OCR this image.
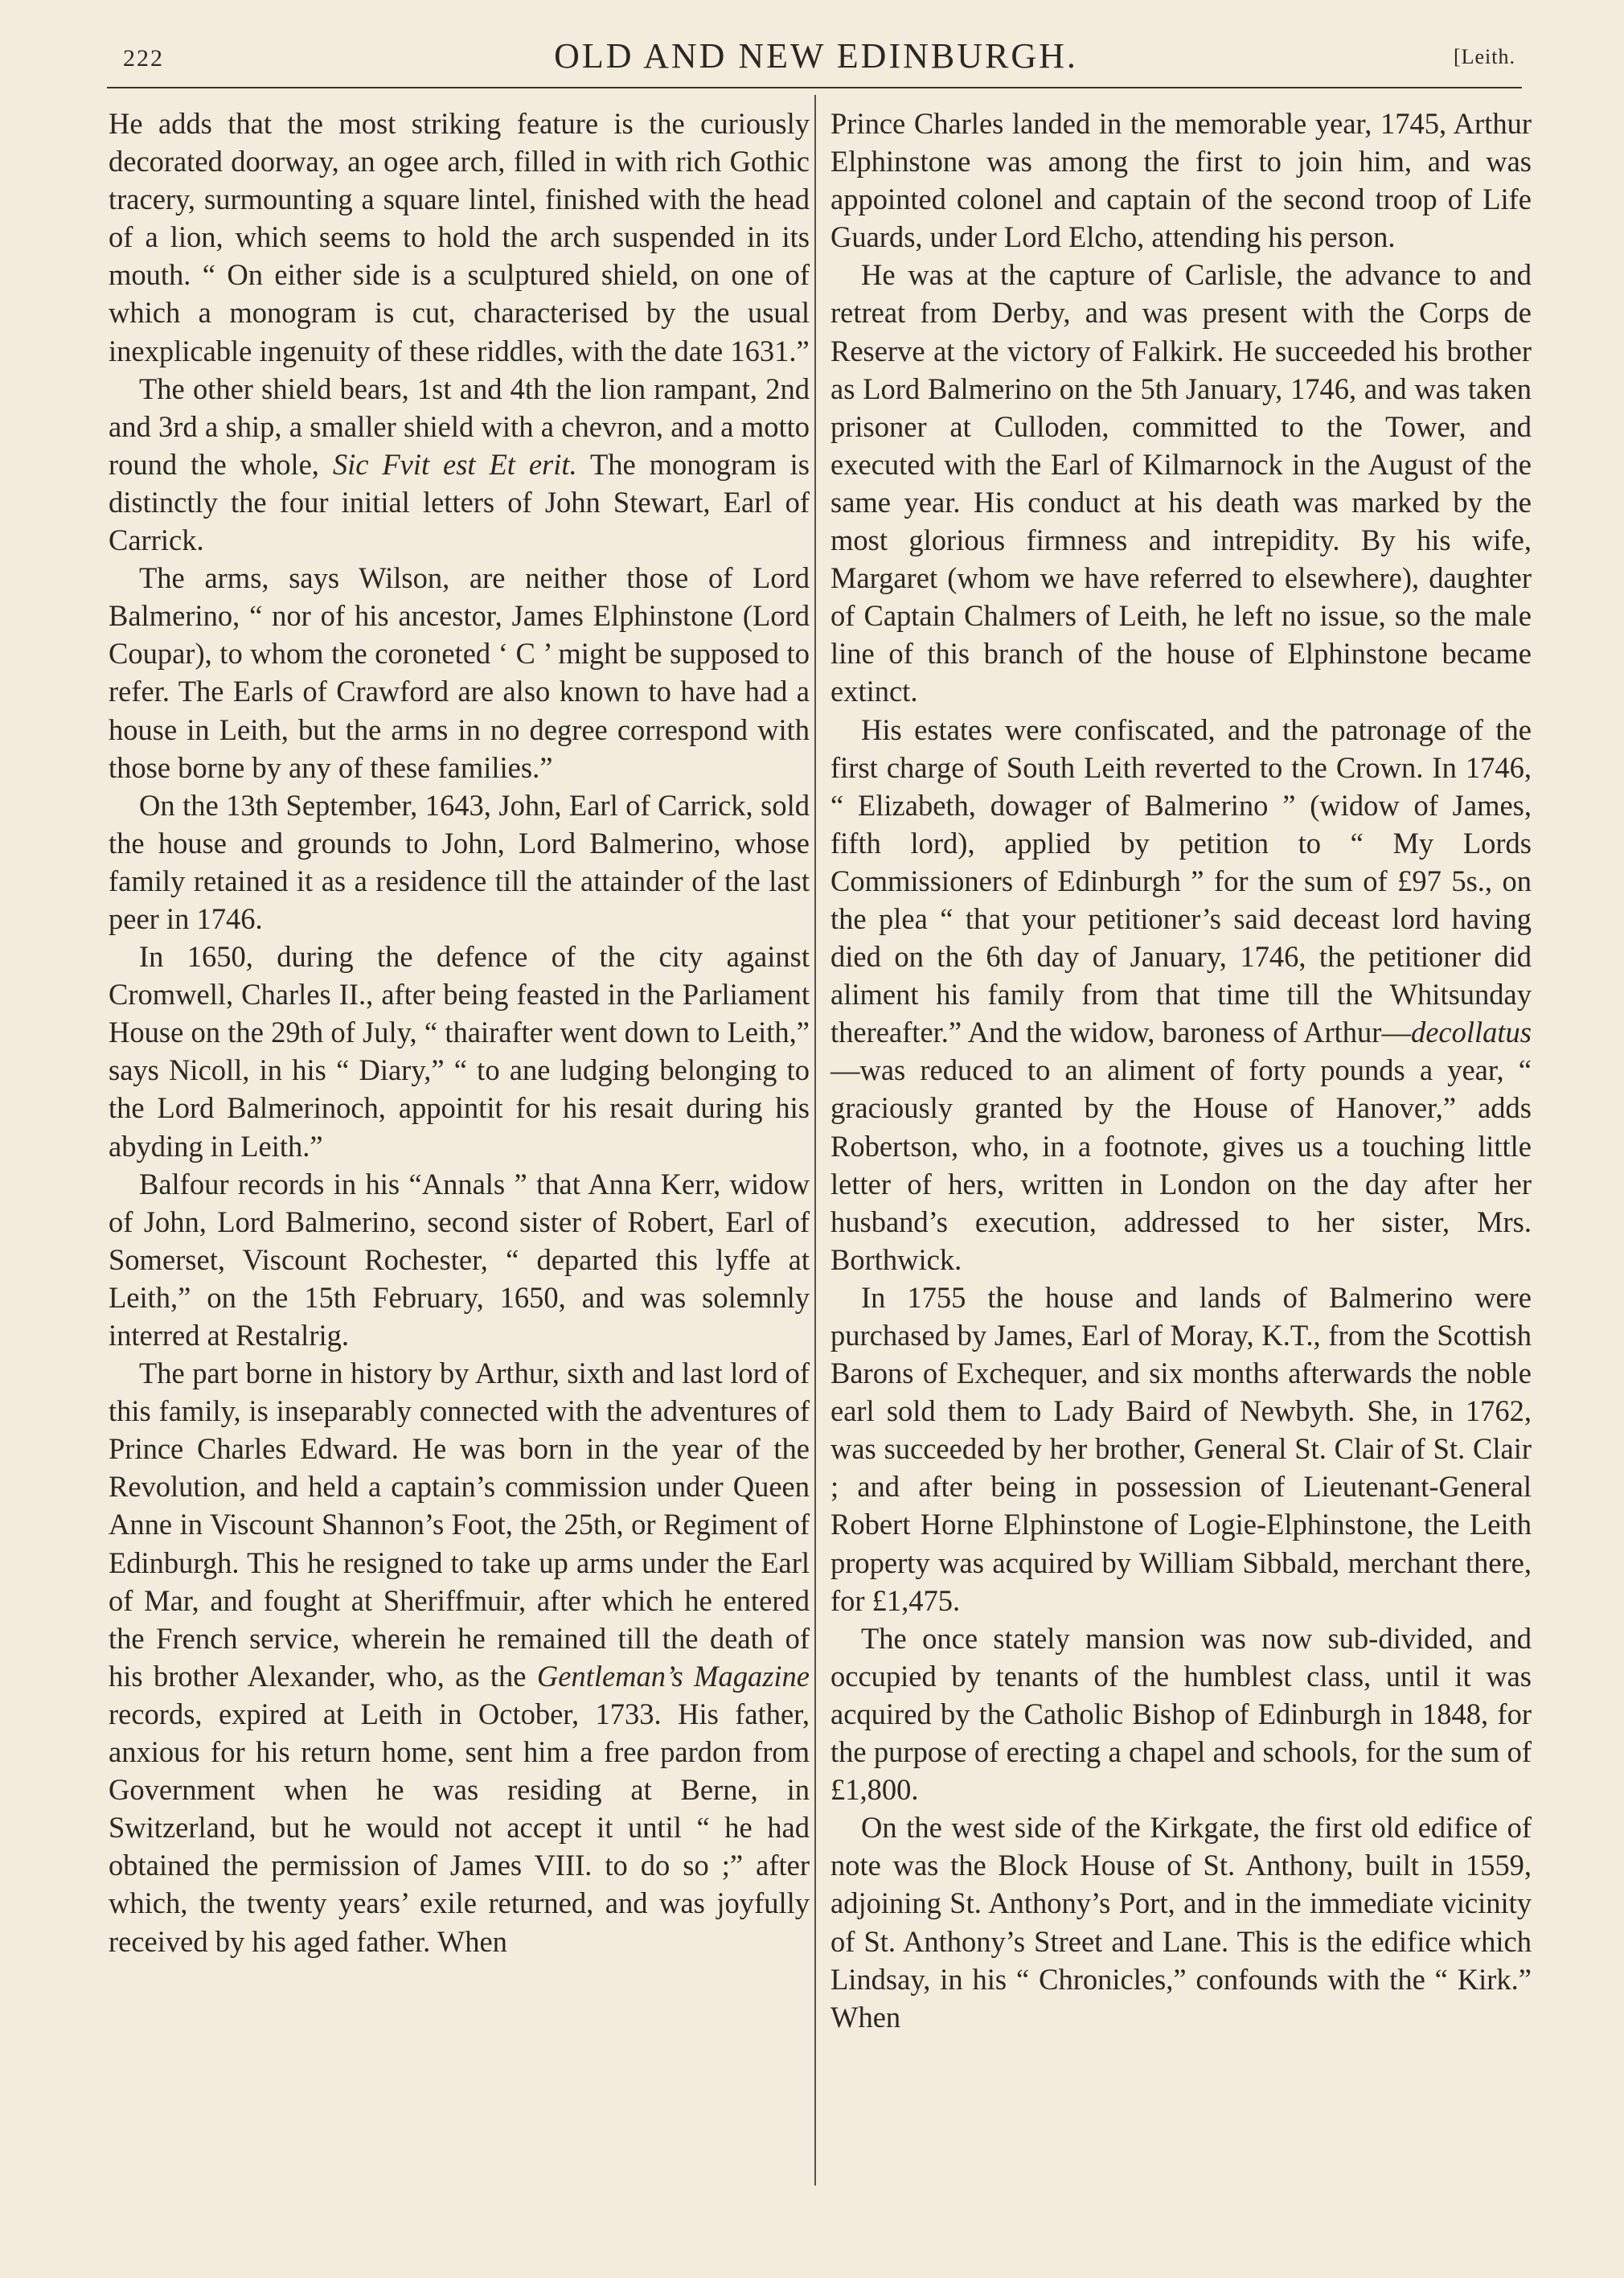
222	OLD AND NEW EDINBURGH.	[Leith.

He adds that the most striking feature is the curiously decorated doorway, an ogee arch, filled in with rich Gothic tracery, surmounting a square lintel, finished with the head of a lion, which seems to hold the arch suspended in its mouth. “ On either side is a sculptured shield, on one of which a monogram is cut, characterised by the usual inexplicable ingenuity of these riddles, with the date 1631.”

The other shield bears, 1st and 4th the lion rampant, 2nd and 3rd a ship, a smaller shield with a chevron, and a motto round the whole, Sic Fvit est Et erit. The monogram is distinctly the four initial letters of John Stewart, Earl of Carrick.

The arms, says Wilson, are neither those of Lord Balmerino, “ nor of his ancestor, James Elphinstone (Lord Coupar), to whom the coroneted ‘ C ’ might be supposed to refer. The Earls of Crawford are also known to have had a house in Leith, but the arms in no degree correspond with those borne by any of these families.”

On the 13th September, 1643, John, Earl of Carrick, sold the house and grounds to John, Lord Balmerino, whose family retained it as a residence till the attainder of the last peer in 1746.

In 1650, during the defence of the city against Cromwell, Charles II., after being feasted in the Parliament House on the 29th of July, “ thairafter went down to Leith,” says Nicoll, in his “ Diary,” “ to ane ludging belonging to the Lord Balmerinoch, appointit for his resait during his abyding in Leith.”

Balfour records in his “Annals ” that Anna Kerr, widow of John, Lord Balmerino, second sister of Robert, Earl of Somerset, Viscount Rochester, “ departed this lyffe at Leith,” on the 15th February, 1650, and was solemnly interred at Restalrig.

The part borne in history by Arthur, sixth and last lord of this family, is inseparably connected with the adventures of Prince Charles Edward. He was born in the year of the Revolution, and held a captain’s commission under Queen Anne in Viscount Shannon’s Foot, the 25th, or Regiment of Edinburgh. This he resigned to take up arms under the Earl of Mar, and fought at Sheriffmuir, after which he entered the French service, wherein he remained till the death of his brother Alexander, who, as the Gentleman’s Magazine records, expired at Leith in October, 1733. His father, anxious for his return home, sent him a free pardon from Government when he was residing at Berne, in Switzerland, but he would not accept it until “ he had obtained the permission of James VIII. to do so ;” after which, the twenty years’ exile returned, and was joyfully received by his aged father. When

Prince Charles landed in the memorable year, 1745, Arthur Elphinstone was among the first to join him, and was appointed colonel and captain of the second troop of Life Guards, under Lord Elcho, attending his person.

He was at the capture of Carlisle, the advance to and retreat from Derby, and was present with the Corps de Reserve at the victory of Falkirk. He succeeded his brother as Lord Balmerino on the 5th January, 1746, and was taken prisoner at Culloden, committed to the Tower, and executed with the Earl of Kilmarnock in the August of the same year. His conduct at his death was marked by the most glorious firmness and intrepidity. By his wife, Margaret (whom we have referred to elsewhere), daughter of Captain Chalmers of Leith, he left no issue, so the male line of this branch of the house of Elphinstone became extinct.

His estates were confiscated, and the patronage of the first charge of South Leith reverted to the Crown. In 1746, “ Elizabeth, dowager of Balmerino ” (widow of James, fifth lord), applied by petition to “ My Lords Commissioners of Edinburgh ” for the sum of £97 5s., on the plea “ that your petitioner’s said deceast lord having died on the 6th day of January, 1746, the petitioner did aliment his family from that time till the Whitsunday thereafter.” And the widow, baroness of Arthur—decollatus—was reduced to an aliment of forty pounds a year, “ graciously granted by the House of Hanover,” adds Robertson, who, in a footnote, gives us a touching little letter of hers, written in London on the day after her husband’s execution, addressed to her sister, Mrs. Borthwick.

In 1755 the house and lands of Balmerino were purchased by James, Earl of Moray, K.T., from the Scottish Barons of Exchequer, and six months afterwards the noble earl sold them to Lady Baird of Newbyth. She, in 1762, was succeeded by her brother, General St. Clair of St. Clair ; and after being in possession of Lieutenant-General Robert Horne Elphinstone of Logie-Elphinstone, the Leith property was acquired by William Sibbald, merchant there, for £1,475.

The once stately mansion was now sub-divided, and occupied by tenants of the humblest class, until it was acquired by the Catholic Bishop of Edinburgh in 1848, for the purpose of erecting a chapel and schools, for the sum of £1,800.

On the west side of the Kirkgate, the first old edifice of note was the Block House of St. Anthony, built in 1559, adjoining St. Anthony’s Port, and in the immediate vicinity of St. Anthony’s Street and Lane. This is the edifice which Lindsay, in his “ Chronicles,” confounds with the “ Kirk.” When
